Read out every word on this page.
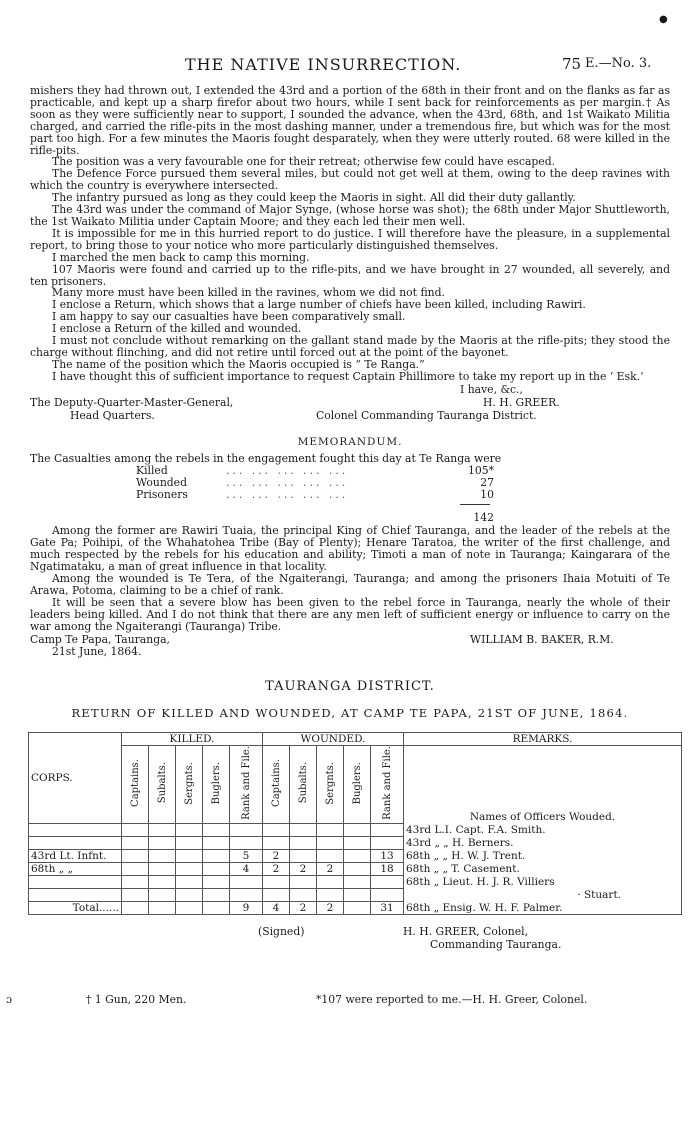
●
THE NATIVE INSURRECTION.	75 E.—No. 3.

mishers they had thrown out, I extended the 43rd and a portion of the 68th in their front and on the flanks as far as practicable, and kept up a sharp firefor about two hours, while I sent back for reinforcements as per margin.† As soon as they were sufficiently near to support, I sounded the advance, when the 43rd, 68th, and 1st Waikato Militia charged, and carried the rifle-pits in the most dashing manner, under a tremendous fire, but which was for the most part too high. For a few minutes the Maoris fought desparately, when they were utterly routed. 68 were killed in the rifle-pits.

The position was a very favourable one for their retreat; otherwise few could have escaped.

The Defence Force pursued them several miles, but could not get well at them, owing to the deep ravines with which the country is everywhere intersected.

The infantry pursued as long as they could keep the Maoris in sight. All did their duty gallantly.

The 43rd was under the command of Major Synge, (whose horse was shot); the 68th under Major Shuttleworth, the 1st Waikato Militia under Captain Moore; and they each led their men well.

It is impossible for me in this hurried report to do justice. I will therefore have the pleasure, in a supplemental report, to bring those to your notice who more particularly distinguished themselves.

I marched the men back to camp this morning.

107 Maoris were found and carried up to the rifle-pits, and we have brought in 27 wounded, all severely, and ten prisoners.

Many more must have been killed in the ravines, whom we did not find.

I enclose a Return, which shows that a large number of chiefs have been killed, including Rawiri.

I am happy to say our casualties have been comparatively small.

I enclose a Return of the killed and wounded.

I must not conclude without remarking on the gallant stand made by the Maoris at the rifle-pits; they stood the charge without flinching, and did not retire until forced out at the point of the bayonet.

The name of the position which the Maoris occupied is “ Te Ranga.”

I have thought this of sufficient importance to request Captain Phillimore to take my report up in the ‘ Esk.’

I have, &c.,
The Deputy-Quarter-Master-General,	H. H. GREER.
Head Quarters.	Colonel Commanding Tauranga District.
MEMORANDUM.

The Casualties among the rebels in the engagement fought this day at Te Ranga were

Killed	... ... ... ... ...	105*
Wounded	... ... ... ... ...	27
Prisoners	... ... ... ... ...	10
142

Among the former are Rawiri Tuaia, the principal King of Chief Tauranga, and the leader of the rebels at the Gate Pa; Poihipi, of the Whahatohea Tribe (Bay of Plenty); Henare Taratoa, the writer of the first challenge, and much respected by the rebels for his education and ability; Timoti a man of note in Tauranga; Kaingarara of the Ngatimataku, a man of great influence in that locality.

Among the wounded is Te Tera, of the Ngaiterangi, Tauranga; and among the prisoners Ihaia Motuiti of Te Arawa, Potoma, claiming to be a chief of rank.

It will be seen that a severe blow has been given to the rebel force in Tauranga, nearly the whole of their leaders being killed. And I do not think that there are any men left of sufficient energy or influence to carry on the war among the Ngaiterangi (Tauranga) Tribe.

Camp Te Papa, Tauranga,	WILLIAM B. BAKER, R.M.
21st June, 1864.
TAURANGA DISTRICT.
RETURN OF KILLED AND WOUNDED, AT CAMP TE PAPA, 21ST OF JUNE, 1864.
CORPS.	KILLED.					WOUNDED.					REMARKS.
	Captains.	Subalts.	Sergnts.	Buglers.	Rank and File.	Captains.	Subalts.	Sergnts.	Buglers.	Rank and File.	Names of Officers Wouded.
											43rd L.I. Capt. F.A. Smith.
											43rd „ „ H. Berners.
43rd Lt. Infnt.					5	2				13	68th „ „ H. W. J. Trent.
68th „ „					4	2	2	2		18	68th „ „ T. Casement.
											68th „ Lieut. H. J. R. Villiers
											· Stuart.
Total......					9	4	2	2		31	68th „ Ensig. W. H. F. Palmer.
(Signed)	H. H. GREER, Colonel,
Commanding Tauranga.
ɔ	† 1 Gun, 220 Men.	*107 were reported to me.—H. H. Greer, Colonel.
